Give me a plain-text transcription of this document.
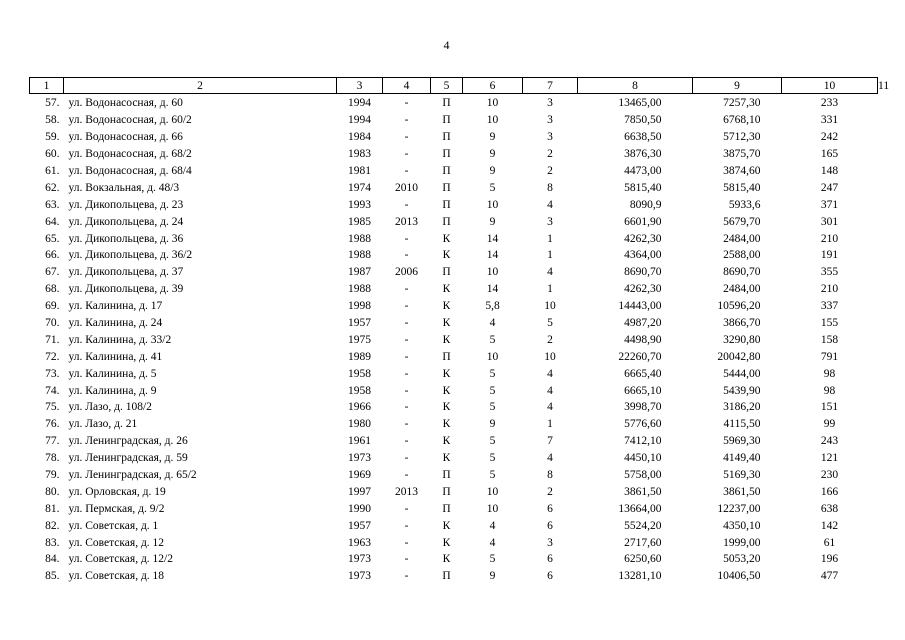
4
1	2	3	4	5	6	7	8	9	10	11
57.	ул. Водонасосная, д. 60	1994	-	П	10	3	13465,00	7257,30	233	
58.	ул. Водонасосная, д. 60/2	1994	-	П	10	3	7850,50	6768,10	331	
59.	ул. Водонасосная, д. 66	1984	-	П	9	3	6638,50	5712,30	242	
60.	ул. Водонасосная, д. 68/2	1983	-	П	9	2	3876,30	3875,70	165	
61.	ул. Водонасосная, д. 68/4	1981	-	П	9	2	4473,00	3874,60	148	
62.	ул. Вокзальная, д. 48/3	1974	2010	П	5	8	5815,40	5815,40	247	
63.	ул. Дикопольцева, д. 23	1993	-	П	10	4	8090,9	5933,6	371	
64.	ул. Дикопольцева, д. 24	1985	2013	П	9	3	6601,90	5679,70	301	
65.	ул. Дикопольцева, д. 36	1988	-	К	14	1	4262,30	2484,00	210	
66.	ул. Дикопольцева, д. 36/2	1988	-	К	14	1	4364,00	2588,00	191	
67.	ул. Дикопольцева, д. 37	1987	2006	П	10	4	8690,70	8690,70	355	
68.	ул. Дикопольцева, д. 39	1988	-	К	14	1	4262,30	2484,00	210	
69.	ул. Калинина, д. 17	1998	-	К	5,8	10	14443,00	10596,20	337	
70.	ул. Калинина, д. 24	1957	-	К	4	5	4987,20	3866,70	155	
71.	ул. Калинина, д. 33/2	1975	-	К	5	2	4498,90	3290,80	158	
72.	ул. Калинина, д. 41	1989	-	П	10	10	22260,70	20042,80	791	
73.	ул. Калинина, д. 5	1958	-	К	5	4	6665,40	5444,00	98	
74.	ул. Калинина, д. 9	1958	-	К	5	4	6665,10	5439,90	98	
75.	ул. Лазо, д. 108/2	1966	-	К	5	4	3998,70	3186,20	151	
76.	ул. Лазо, д. 21	1980	-	К	9	1	5776,60	4115,50	99	
77.	ул. Ленинградская, д. 26	1961	-	К	5	7	7412,10	5969,30	243	
78.	ул. Ленинградская, д. 59	1973	-	К	5	4	4450,10	4149,40	121	
79.	ул. Ленинградская, д. 65/2	1969	-	П	5	8	5758,00	5169,30	230	
80.	ул. Орловская, д. 19	1997	2013	П	10	2	3861,50	3861,50	166	
81.	ул. Пермская, д. 9/2	1990	-	П	10	6	13664,00	12237,00	638	
82.	ул. Советская, д. 1	1957	-	К	4	6	5524,20	4350,10	142	
83.	ул. Советская, д. 12	1963	-	К	4	3	2717,60	1999,00	61	
84.	ул. Советская, д. 12/2	1973	-	К	5	6	6250,60	5053,20	196	
85.	ул. Советская, д. 18	1973	-	П	9	6	13281,10	10406,50	477	
